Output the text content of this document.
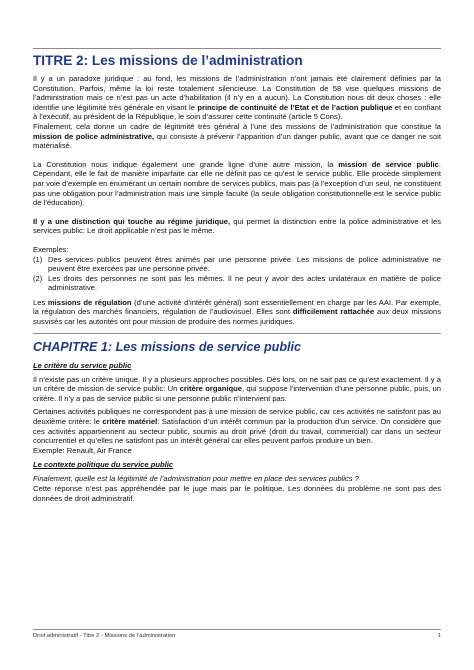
TITRE 2: Les missions de l’administration

Il y a un paradoxe juridique : au fond, les missions de l’administration n’ont jamais été clairement définies par la Constitution. Parfois, même la loi reste totalement silencieuse. La Constitution de 58 vise quelques missions de l’administration mais ce n’est pas un acte d’habilitation (il n’y en a aucun). La Constitution nous dit deux choses : elle identifie une légitimité très générale en visant le principe de continuité de l’Etat et de l’action publique et en confiant à l’exécutif, au président de la République, le soin d’assurer cette continuité (article 5 Cons).
Finalement, cela donne un cadre de légitimité très général à l’une des missions de l’administration que constitue la mission de police administrative, qui consiste à prévenir l’apparition d’un danger public, avant que ce danger ne soit matérialisé.

La Constitution nous indique également une grande ligne d’une autre mission, la mission de service public. Cependant, elle le fait de manière imparfaite car elle ne définit pas ce qu’est le service public. Elle procède simplement par voie d’exemple en énumérant un certain nombre de services publics, mais pas (à l’exception d’un seul, ne constituent pas une obligation pour l’administration mais une simple faculté (la seule obligation constitutionnelle est le service public de l’éducation).

Il y a une distinction qui touche au régime juridique, qui permet la distinction entre la police administrative et les services public: Le droit applicable n’est pas le même.

Exemples:

(1) Des services publics peuvent êtres animés par une personne privée. Les missions de police administrative ne peuvent être exercées par une personne privée.
(2) Les droits des personnes ne sont pas les mêmes. Il ne peut y avoir des actes unilatéraux en matière de police administrative.

Les missions de régulation (d’une activité d’intérêt général) sont essentiellement en charge par les AAI. Par exemple, la régulation des marchés financiers, régulation de l’audiovisuel. Elles sont difficilement rattachée aux deux missions susvisés car les autorités ont pour mission de produire des normes juridiques.

CHAPITRE 1: Les missions de service public
Le critère du service public

Il n’existe pas un critère unique. Il y a plusieurs approches possibles. Dès lors, on ne sait pas ce qu’est exactement. Il y a un critère de mission de service public: Un critère organique, qui suppose l’intervention d’une personne public, puis, un critère. Il n’y a pas de service public si une personne public n’intervient pas.

Certaines activités publiques ne correspondent pas à une mission de service public, car ces activités ne satisfont pas au deuxième critère: le critère matériel: Satisfaction d’un intérêt commun par la production d’un service. On considère que ces activités appartiennent au secteur public, soumis au droit privé (droit du travail, commercial) car dans un secteur concurrentiel et qu’elles ne satisfont pas un intérêt général car elles peuvent parfois produire un bien.

Exemple: Renault, Air France

Le contexte politique du service public

Finalement, quelle est la légitimité de l’administration pour mettre en place des services publics ?
Cette réponse n’est pas appréhendée par le juge mais par le politique. Les données du problème ne sont pas des données de droit administratif.

Droit administratif - Titre 2 - Missions de l’administration	1
